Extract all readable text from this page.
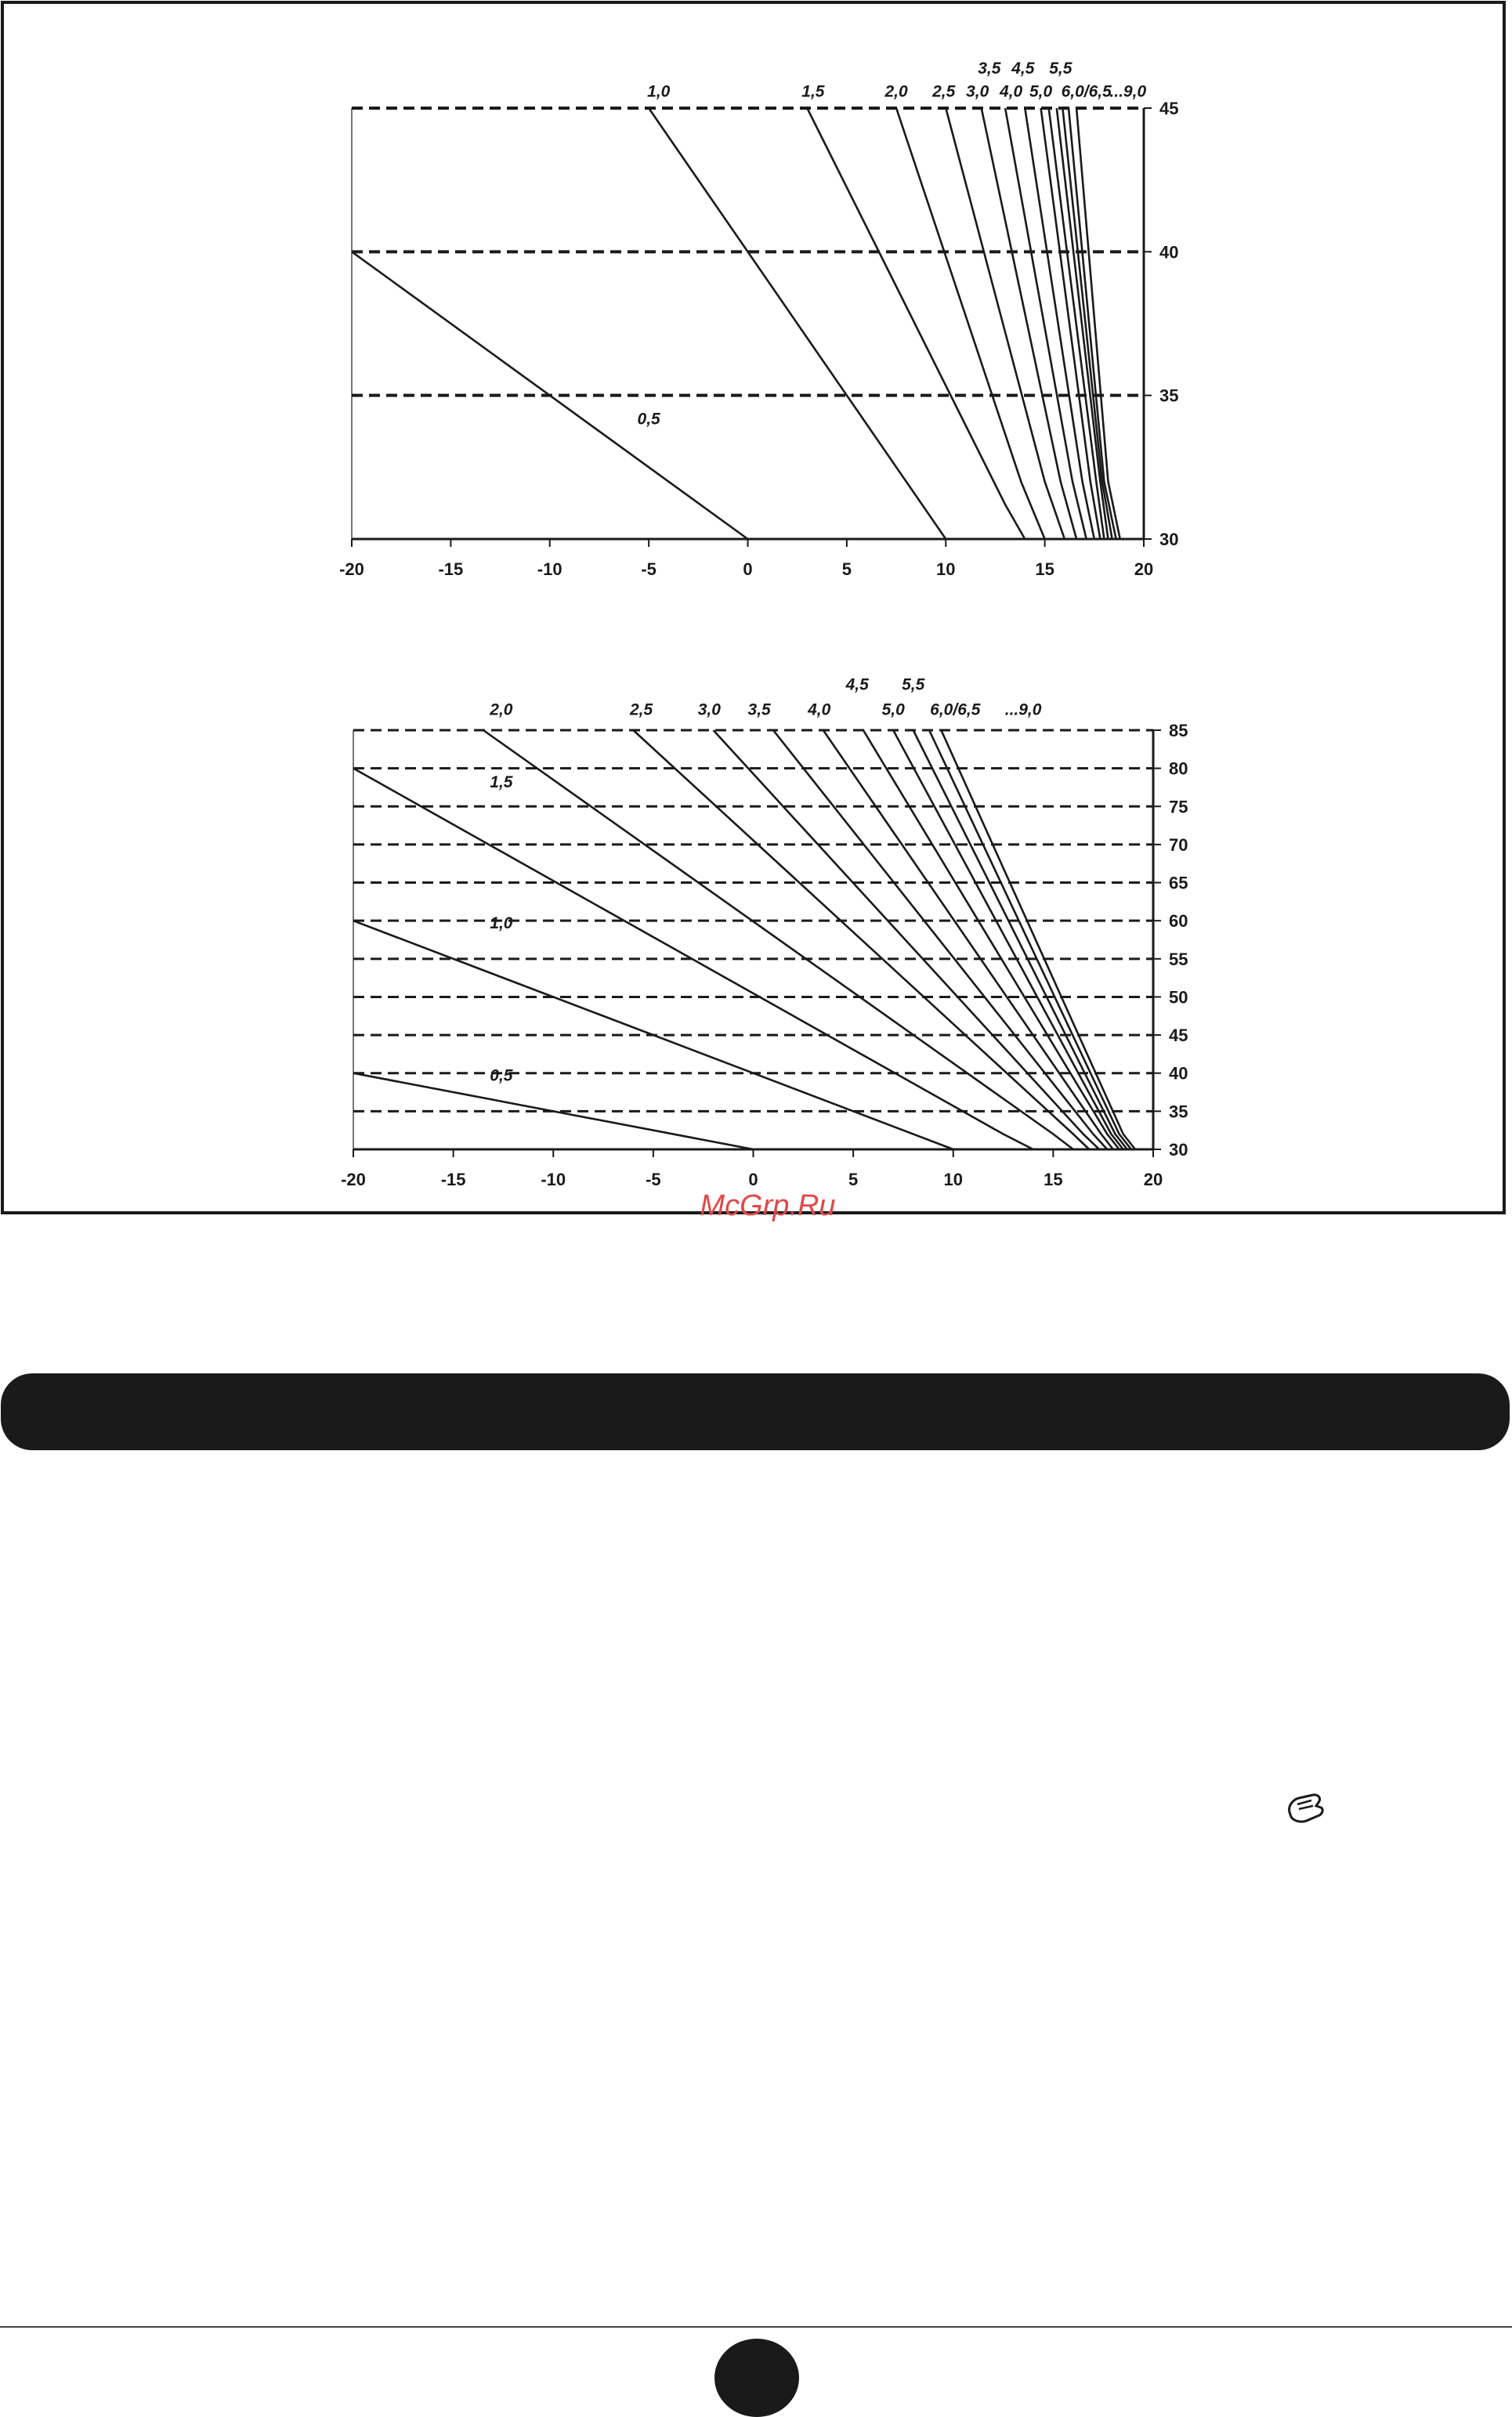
-20	-15	-10	-5	0	5	10	15	20
30
35
40
45
0,5
1,0	1,5	2,0 2,5 3,0 4,0 5,0 6,0/6,5
...9,0
3,5 4,5 5,5
-20	-15	-10	-5	0	5	10	15	20
30
35
40
45
50
55
60
65
70
75
80
85
2,0	2,5	3,0 3,5 4,0	5,0 6,0/6,5 ...9,0
4,5 5,5
1,5
1,0
0,5
McGrp.Ru
